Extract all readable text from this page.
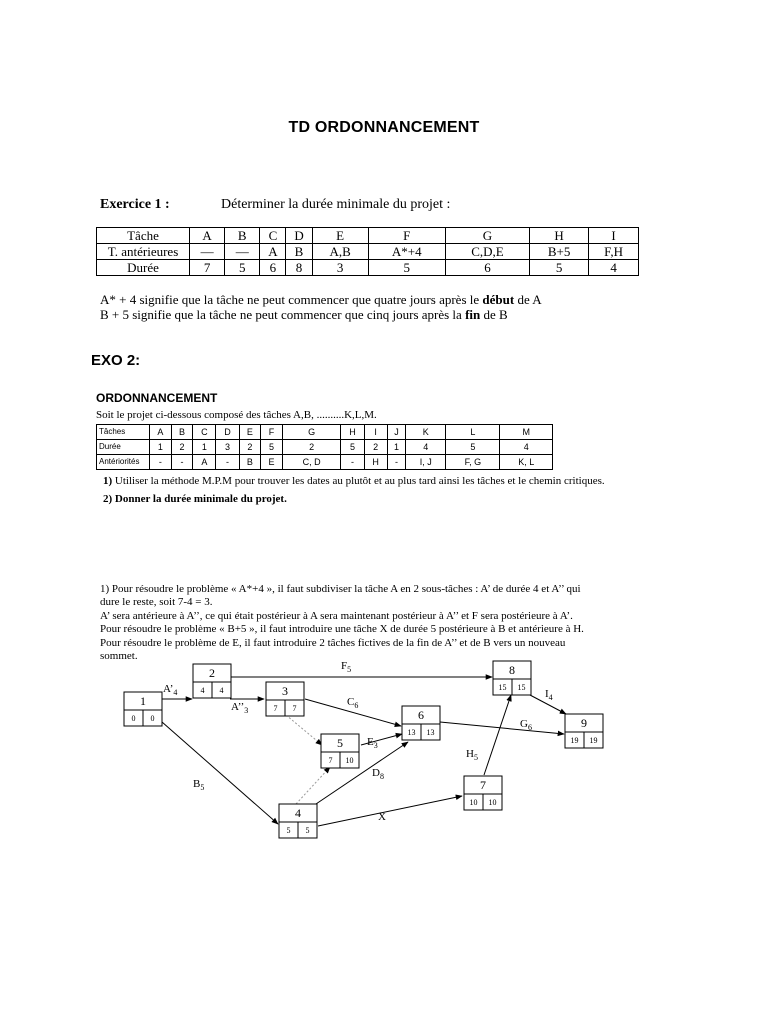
TD ORDONNANCEMENT
Exercice 1 :	Déterminer la durée minimale du projet :
Tâche	A	B	C	D	E	F	G	H	I
T. antérieures	—	—	A	B	A,B	A*+4	C,D,E	B+5	F,H
Durée	7	5	6	8	3	5	6	5	4
A* + 4 signifie que la tâche ne peut commencer que quatre jours après le début de A
B + 5 signifie que la tâche ne peut commencer que cinq jours après la fin de B
EXO 2:
ORDONNANCEMENT
Soit le projet ci-dessous composé des tâches A,B, ..........K,L,M.
Tâches	A	B	C	D	E	F	G	H	I	J	K	L	M
Durée	1	2	1	3	2	5	2	5	2	1	4	5	4
Antériorités	-	-	A	-	B	E	C, D	-	H	-	I, J	F, G	K, L
1) Utiliser la méthode M.P.M pour trouver les dates au plutôt et au plus tard ainsi les tâches et le chemin critiques.
2) Donner la durée minimale du projet.
1) Pour résoudre le problème « A*+4 », il faut subdiviser la tâche A en 2 sous-tâches : A’ de durée 4 et A’’ qui
dure le reste, soit 7-4 = 3.
A’ sera antérieure à A’’, ce qui était postérieur à A sera maintenant postérieur à A’’ et F sera postérieure à A’.
Pour résoudre le problème « B+5 », il faut introduire une tâche X de durée 5 postérieure à B et antérieure à H.
Pour résoudre le problème de E, il faut introduire 2 tâches fictives de la fin de A’’ et de B vers un nouveau
sommet.
1
0 0
2
4 4	3
7 7
4
5 5
5
7 10
6
13 13
7
10 10
8
15 15
9
19 19
$A’_4$
$A’’_3$
$F_5$
$C_6$
$E_3$
$D_8$
$B_5$
X
$H_5$
$G_6$
$I_4$
